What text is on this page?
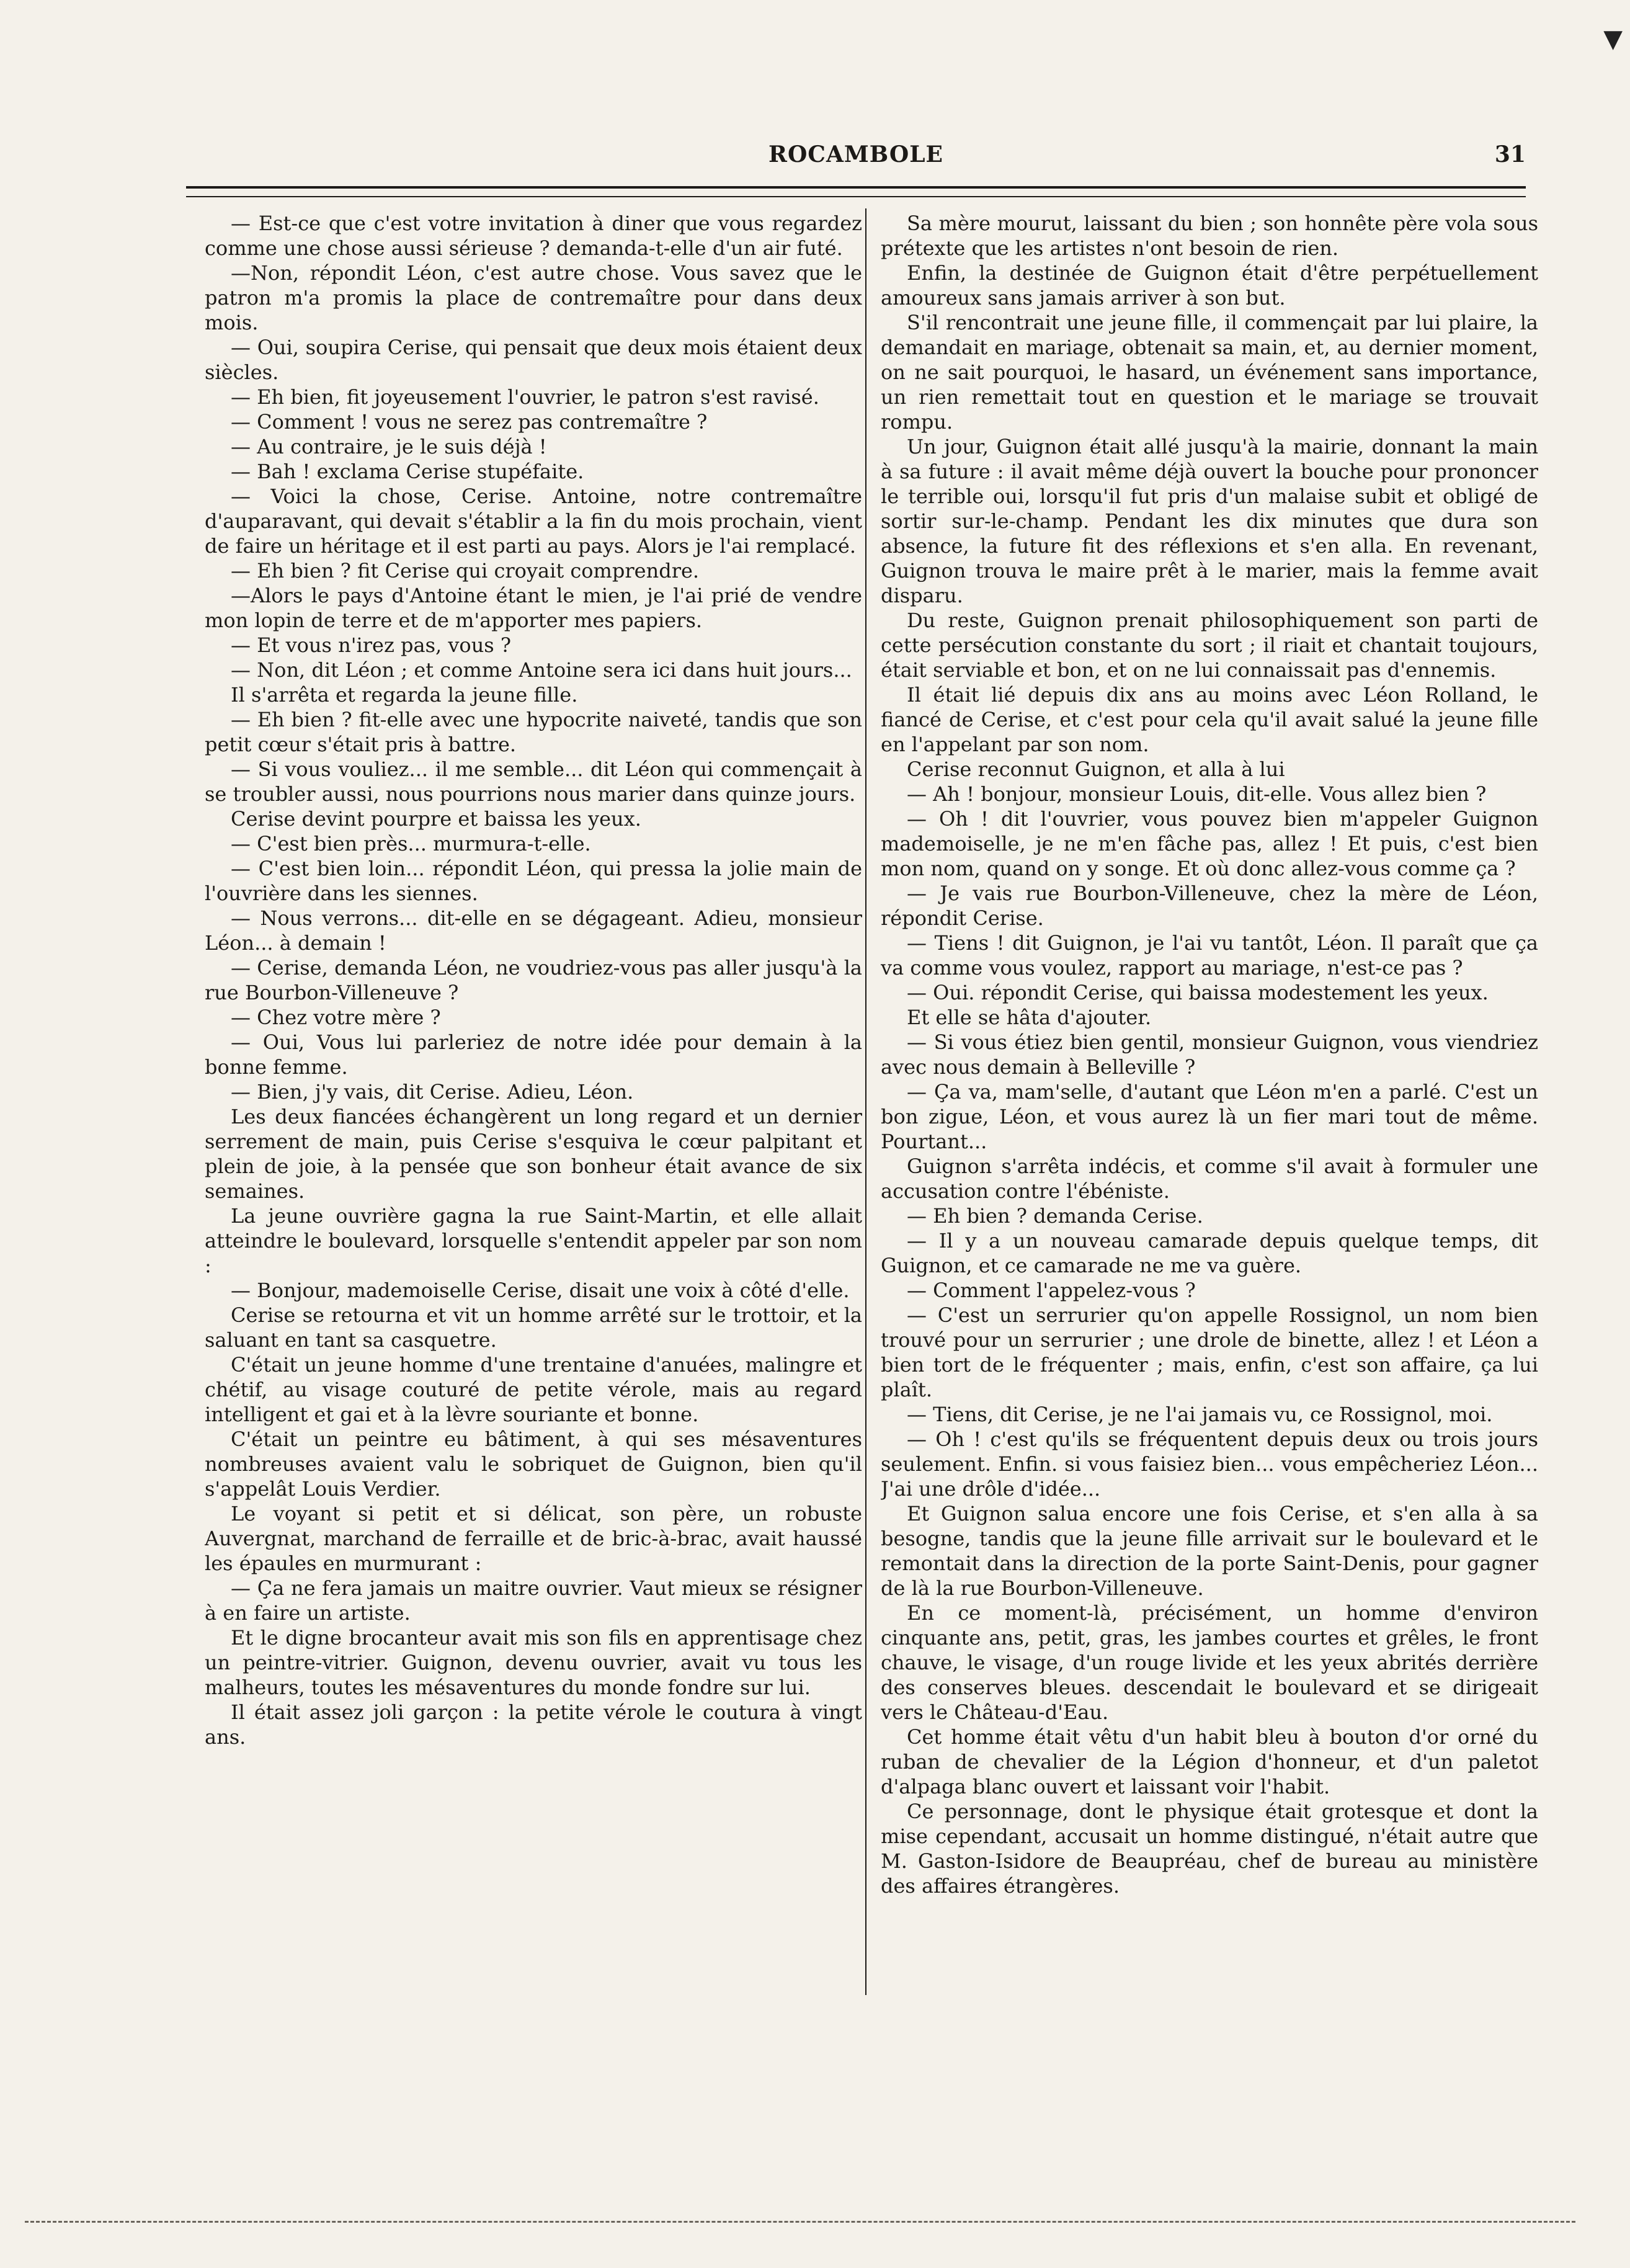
▼
ROCAMBOLE	31

— Est-ce que c'est votre invitation à diner que vous regardez comme une chose aussi sérieuse ? demanda-t-elle d'un air futé.

—Non, répondit Léon, c'est autre chose. Vous savez que le patron m'a promis la place de contremaître pour dans deux mois.

— Oui, soupira Cerise, qui pensait que deux mois étaient deux siècles.

— Eh bien, fit joyeusement l'ouvrier, le patron s'est ravisé.

— Comment ! vous ne serez pas contremaître ?

— Au contraire, je le suis déjà !

— Bah ! exclama Cerise stupéfaite.

— Voici la chose, Cerise. Antoine, notre contremaître d'auparavant, qui devait s'établir a la fin du mois prochain, vient de faire un héritage et il est parti au pays. Alors je l'ai remplacé.

— Eh bien ? fit Cerise qui croyait comprendre.

—Alors le pays d'Antoine étant le mien, je l'ai prié de vendre mon lopin de terre et de m'apporter mes papiers.

— Et vous n'irez pas, vous ?

— Non, dit Léon ; et comme Antoine sera ici dans huit jours...

Il s'arrêta et regarda la jeune fille.

— Eh bien ? fit-elle avec une hypocrite naiveté, tandis que son petit cœur s'était pris à battre.

— Si vous vouliez... il me semble... dit Léon qui commençait à se troubler aussi, nous pourrions nous marier dans quinze jours.

Cerise devint pourpre et baissa les yeux.

— C'est bien près... murmura-t-elle.

— C'est bien loin... répondit Léon, qui pressa la jolie main de l'ouvrière dans les siennes.

— Nous verrons... dit-elle en se dégageant. Adieu, monsieur Léon... à demain !

— Cerise, demanda Léon, ne voudriez-vous pas aller jusqu'à la rue Bourbon-Villeneuve ?

— Chez votre mère ?

— Oui, Vous lui parleriez de notre idée pour demain à la bonne femme.

— Bien, j'y vais, dit Cerise. Adieu, Léon.

Les deux fiancées échangèrent un long regard et un dernier serrement de main, puis Cerise s'esquiva le cœur palpitant et plein de joie, à la pensée que son bonheur était avance de six semaines.

La jeune ouvrière gagna la rue Saint-Martin, et elle allait atteindre le boulevard, lorsquelle s'entendit appeler par son nom :

— Bonjour, mademoiselle Cerise, disait une voix à côté d'elle.

Cerise se retourna et vit un homme arrêté sur le trottoir, et la saluant en tant sa casquetre.

C'était un jeune homme d'une trentaine d'anuées, malingre et chétif, au visage couturé de petite vérole, mais au regard intelligent et gai et à la lèvre souriante et bonne.

C'était un peintre eu bâtiment, à qui ses mésaventures nombreuses avaient valu le sobriquet de Guignon, bien qu'il s'appelât Louis Verdier.

Le voyant si petit et si délicat, son père, un robuste Auvergnat, marchand de ferraille et de bric-à-brac, avait haussé les épaules en murmurant :

— Ça ne fera jamais un maitre ouvrier. Vaut mieux se résigner à en faire un artiste.

Et le digne brocanteur avait mis son fils en apprentisage chez un peintre-vitrier. Guignon, devenu ouvrier, avait vu tous les malheurs, toutes les mésaventures du monde fondre sur lui.

Il était assez joli garçon : la petite vérole le coutura à vingt ans.

Sa mère mourut, laissant du bien ; son honnête père vola sous prétexte que les artistes n'ont besoin de rien.

Enfin, la destinée de Guignon était d'être perpétuellement amoureux sans jamais arriver à son but.

S'il rencontrait une jeune fille, il commençait par lui plaire, la demandait en mariage, obtenait sa main, et, au dernier moment, on ne sait pourquoi, le hasard, un événement sans importance, un rien remettait tout en question et le mariage se trouvait rompu.

Un jour, Guignon était allé jusqu'à la mairie, donnant la main à sa future : il avait même déjà ouvert la bouche pour prononcer le terrible oui, lorsqu'il fut pris d'un malaise subit et obligé de sortir sur-le-champ. Pendant les dix minutes que dura son absence, la future fit des réflexions et s'en alla. En revenant, Guignon trouva le maire prêt à le marier, mais la femme avait disparu.

Du reste, Guignon prenait philosophiquement son parti de cette persécution constante du sort ; il riait et chantait toujours, était serviable et bon, et on ne lui connaissait pas d'ennemis.

Il était lié depuis dix ans au moins avec Léon Rolland, le fiancé de Cerise, et c'est pour cela qu'il avait salué la jeune fille en l'appelant par son nom.

Cerise reconnut Guignon, et alla à lui

— Ah ! bonjour, monsieur Louis, dit-elle. Vous allez bien ?

— Oh ! dit l'ouvrier, vous pouvez bien m'appeler Guignon mademoiselle, je ne m'en fâche pas, allez ! Et puis, c'est bien mon nom, quand on y songe. Et où donc allez-vous comme ça ?

— Je vais rue Bourbon-Villeneuve, chez la mère de Léon, répondit Cerise.

— Tiens ! dit Guignon, je l'ai vu tantôt, Léon. Il paraît que ça va comme vous voulez, rapport au mariage, n'est-ce pas ?

— Oui. répondit Cerise, qui baissa modestement les yeux.

Et elle se hâta d'ajouter.

— Si vous étiez bien gentil, monsieur Guignon, vous viendriez avec nous demain à Belleville ?

— Ça va, mam'selle, d'autant que Léon m'en a parlé. C'est un bon zigue, Léon, et vous aurez là un fier mari tout de même. Pourtant...

Guignon s'arrêta indécis, et comme s'il avait à formuler une accusation contre l'ébéniste.

— Eh bien ? demanda Cerise.

— Il y a un nouveau camarade depuis quelque temps, dit Guignon, et ce camarade ne me va guère.

— Comment l'appelez-vous ?

— C'est un serrurier qu'on appelle Rossignol, un nom bien trouvé pour un serrurier ; une drole de binette, allez ! et Léon a bien tort de le fréquenter ; mais, enfin, c'est son affaire, ça lui plaît.

— Tiens, dit Cerise, je ne l'ai jamais vu, ce Rossignol, moi.

— Oh ! c'est qu'ils se fréquentent depuis deux ou trois jours seulement. Enfin. si vous faisiez bien... vous empêcheriez Léon... J'ai une drôle d'idée...

Et Guignon salua encore une fois Cerise, et s'en alla à sa besogne, tandis que la jeune fille arrivait sur le boulevard et le remontait dans la direction de la porte Saint-Denis, pour gagner de là la rue Bourbon-Villeneuve.

En ce moment-là, précisément, un homme d'environ cinquante ans, petit, gras, les jambes courtes et grêles, le front chauve, le visage, d'un rouge livide et les yeux abrités derrière des conserves bleues. descendait le boulevard et se dirigeait vers le Château-d'Eau.

Cet homme était vêtu d'un habit bleu à bouton d'or orné du ruban de chevalier de la Légion d'honneur, et d'un paletot d'alpaga blanc ouvert et laissant voir l'habit.

Ce personnage, dont le physique était grotesque et dont la mise cependant, accusait un homme distingué, n'était autre que M. Gaston-Isidore de Beaupréau, chef de bureau au ministère des affaires étrangères.
